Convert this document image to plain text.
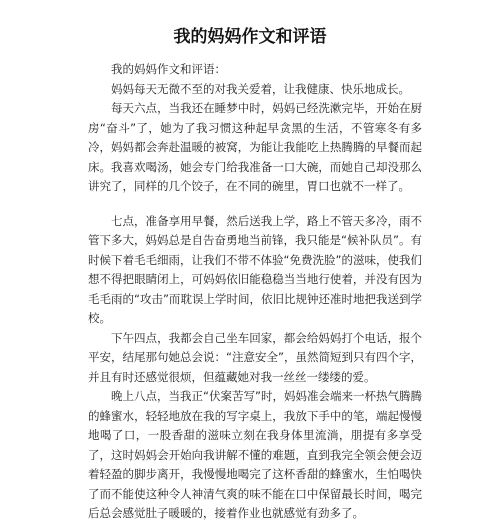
我的妈妈作文和评语

我的妈妈作文和评语：

妈妈每天无微不至的对我关爱着，让我健康、快乐地成长。

每天六点，当我还在睡梦中时，妈妈已经洗漱完毕，开始在厨房“奋斗”了，她为了我习惯这种起早贪黑的生活，不管寒冬有多冷，妈妈都会奔赴温暖的被窝，为能让我能吃上热腾腾的早餐而起床。我喜欢喝汤，她会专门给我准备一口大碗，而她自己却没那么讲究了，同样的几个饺子，在不同的碗里，胃口也就不一样了。

七点，准备享用早餐，然后送我上学，路上不管天多冷，雨不管下多大，妈妈总是自告奋勇地当前锋，我只能是“候补队员”。有时候下着毛毛细雨，让我们不带不体验“免费洗脸”的滋味，使我们想不得把眼睛闭上，可妈妈依旧能稳稳当当地行使着，并没有因为毛毛雨的“攻击”而耽误上学时间，依旧比规钟还准时地把我送到学校。

下午四点，我都会自己坐车回家，都会给妈妈打个电话，报个平安，结尾那句她总会说：“注意安全”，虽然简短到只有四个字，并且有时还感觉很烦，但蕴藏她对我一丝丝一缕缕的爱。

晚上八点，当我正“伏案苦写”时，妈妈准会端来一杯热气腾腾的蜂蜜水，轻轻地放在我的写字桌上，我放下手中的笔，端起慢慢地喝了口，一股香甜的滋味立刻在我身体里流淌，朋提有多享受了，这时妈妈会开始向我讲解不懂的难题，直到我完全领会便会迈着轻盈的脚步离开，我慢慢地喝完了这杯香甜的蜂蜜水，生怕喝快了而不能使这种令人神清气爽的味不能在口中保留最长时间，喝完后总会感觉肚子暖暖的，接着作业也就感觉有劲多了。
